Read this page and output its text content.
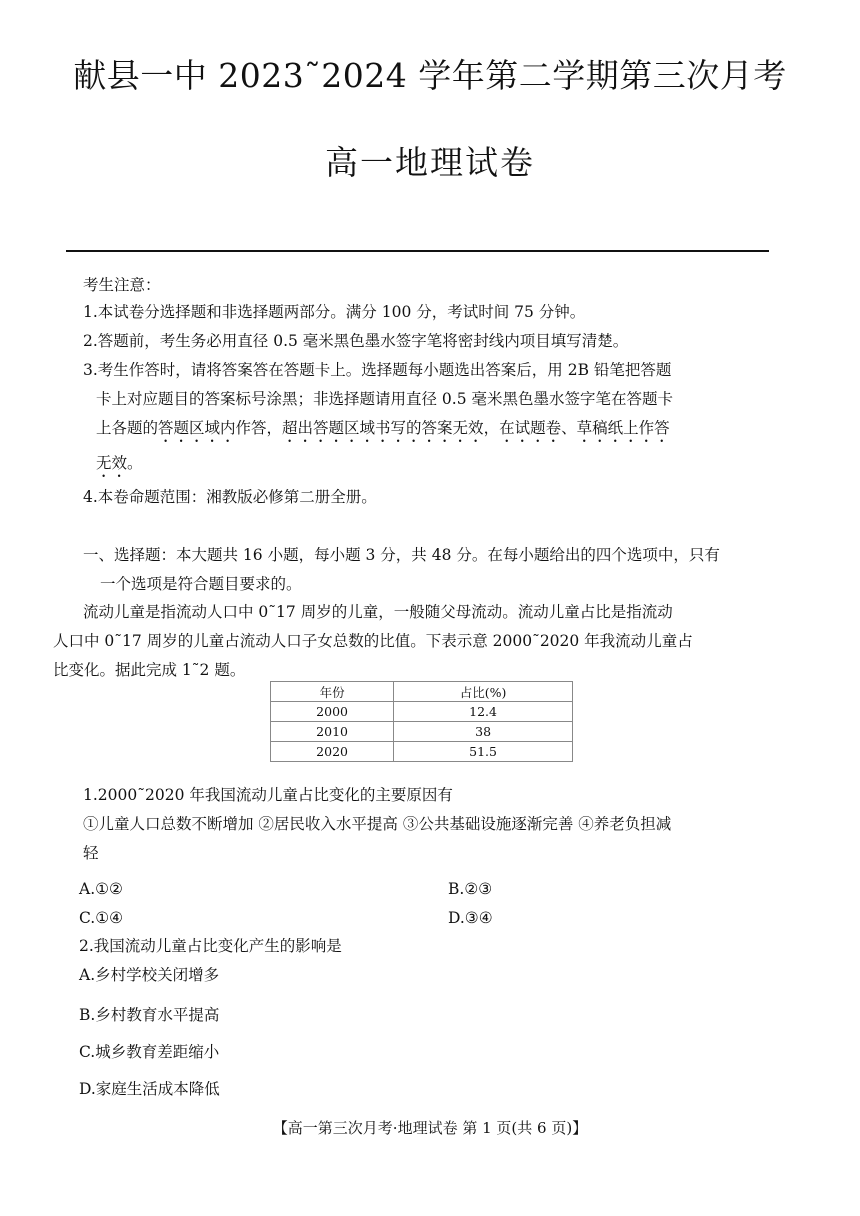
献县一中 2023˜2024 学年第二学期第三次月考
高一地理试卷
考生注意：
1.本试卷分选择题和非选择题两部分。满分 100 分，考试时间 75 分钟。
2.答题前，考生务必用直径 0.5 毫米黑色墨水签字笔将密封线内项目填写清楚。
3.考生作答时，请将答案答在答题卡上。选择题每小题选出答案后，用 2B 铅笔把答题
卡上对应题目的答案标号涂黑；非选择题请用直径 0.5 毫米黑色墨水签字笔在答题卡
上各题的答题区域内作答，超出答题区域书写的答案无效，在试题卷、草稿纸上作答
无效。
4.本卷命题范围：湘教版必修第二册全册。
一、选择题：本大题共 16 小题，每小题 3 分，共 48 分。在每小题给出的四个选项中，只有
一个选项是符合题目要求的。
流动儿童是指流动人口中 0˜17 周岁的儿童，一般随父母流动。流动儿童占比是指流动
人口中 0˜17 周岁的儿童占流动人口子女总数的比值。下表示意 2000˜2020 年我流动儿童占
比变化。据此完成 1˜2 题。
年份	占比(%)
2000	12.4
2010	38
2020	51.5
1.2000˜2020 年我国流动儿童占比变化的主要原因有
①儿童人口总数不断增加 ②居民收入水平提高 ③公共基础设施逐渐完善 ④养老负担减
轻
A.①②	B.②③
C.①④	D.③④
2.我国流动儿童占比变化产生的影响是
A.乡村学校关闭增多
B.乡村教育水平提高
C.城乡教育差距缩小
D.家庭生活成本降低
【高一第三次月考·地理试卷 第 1 页(共 6 页)】
